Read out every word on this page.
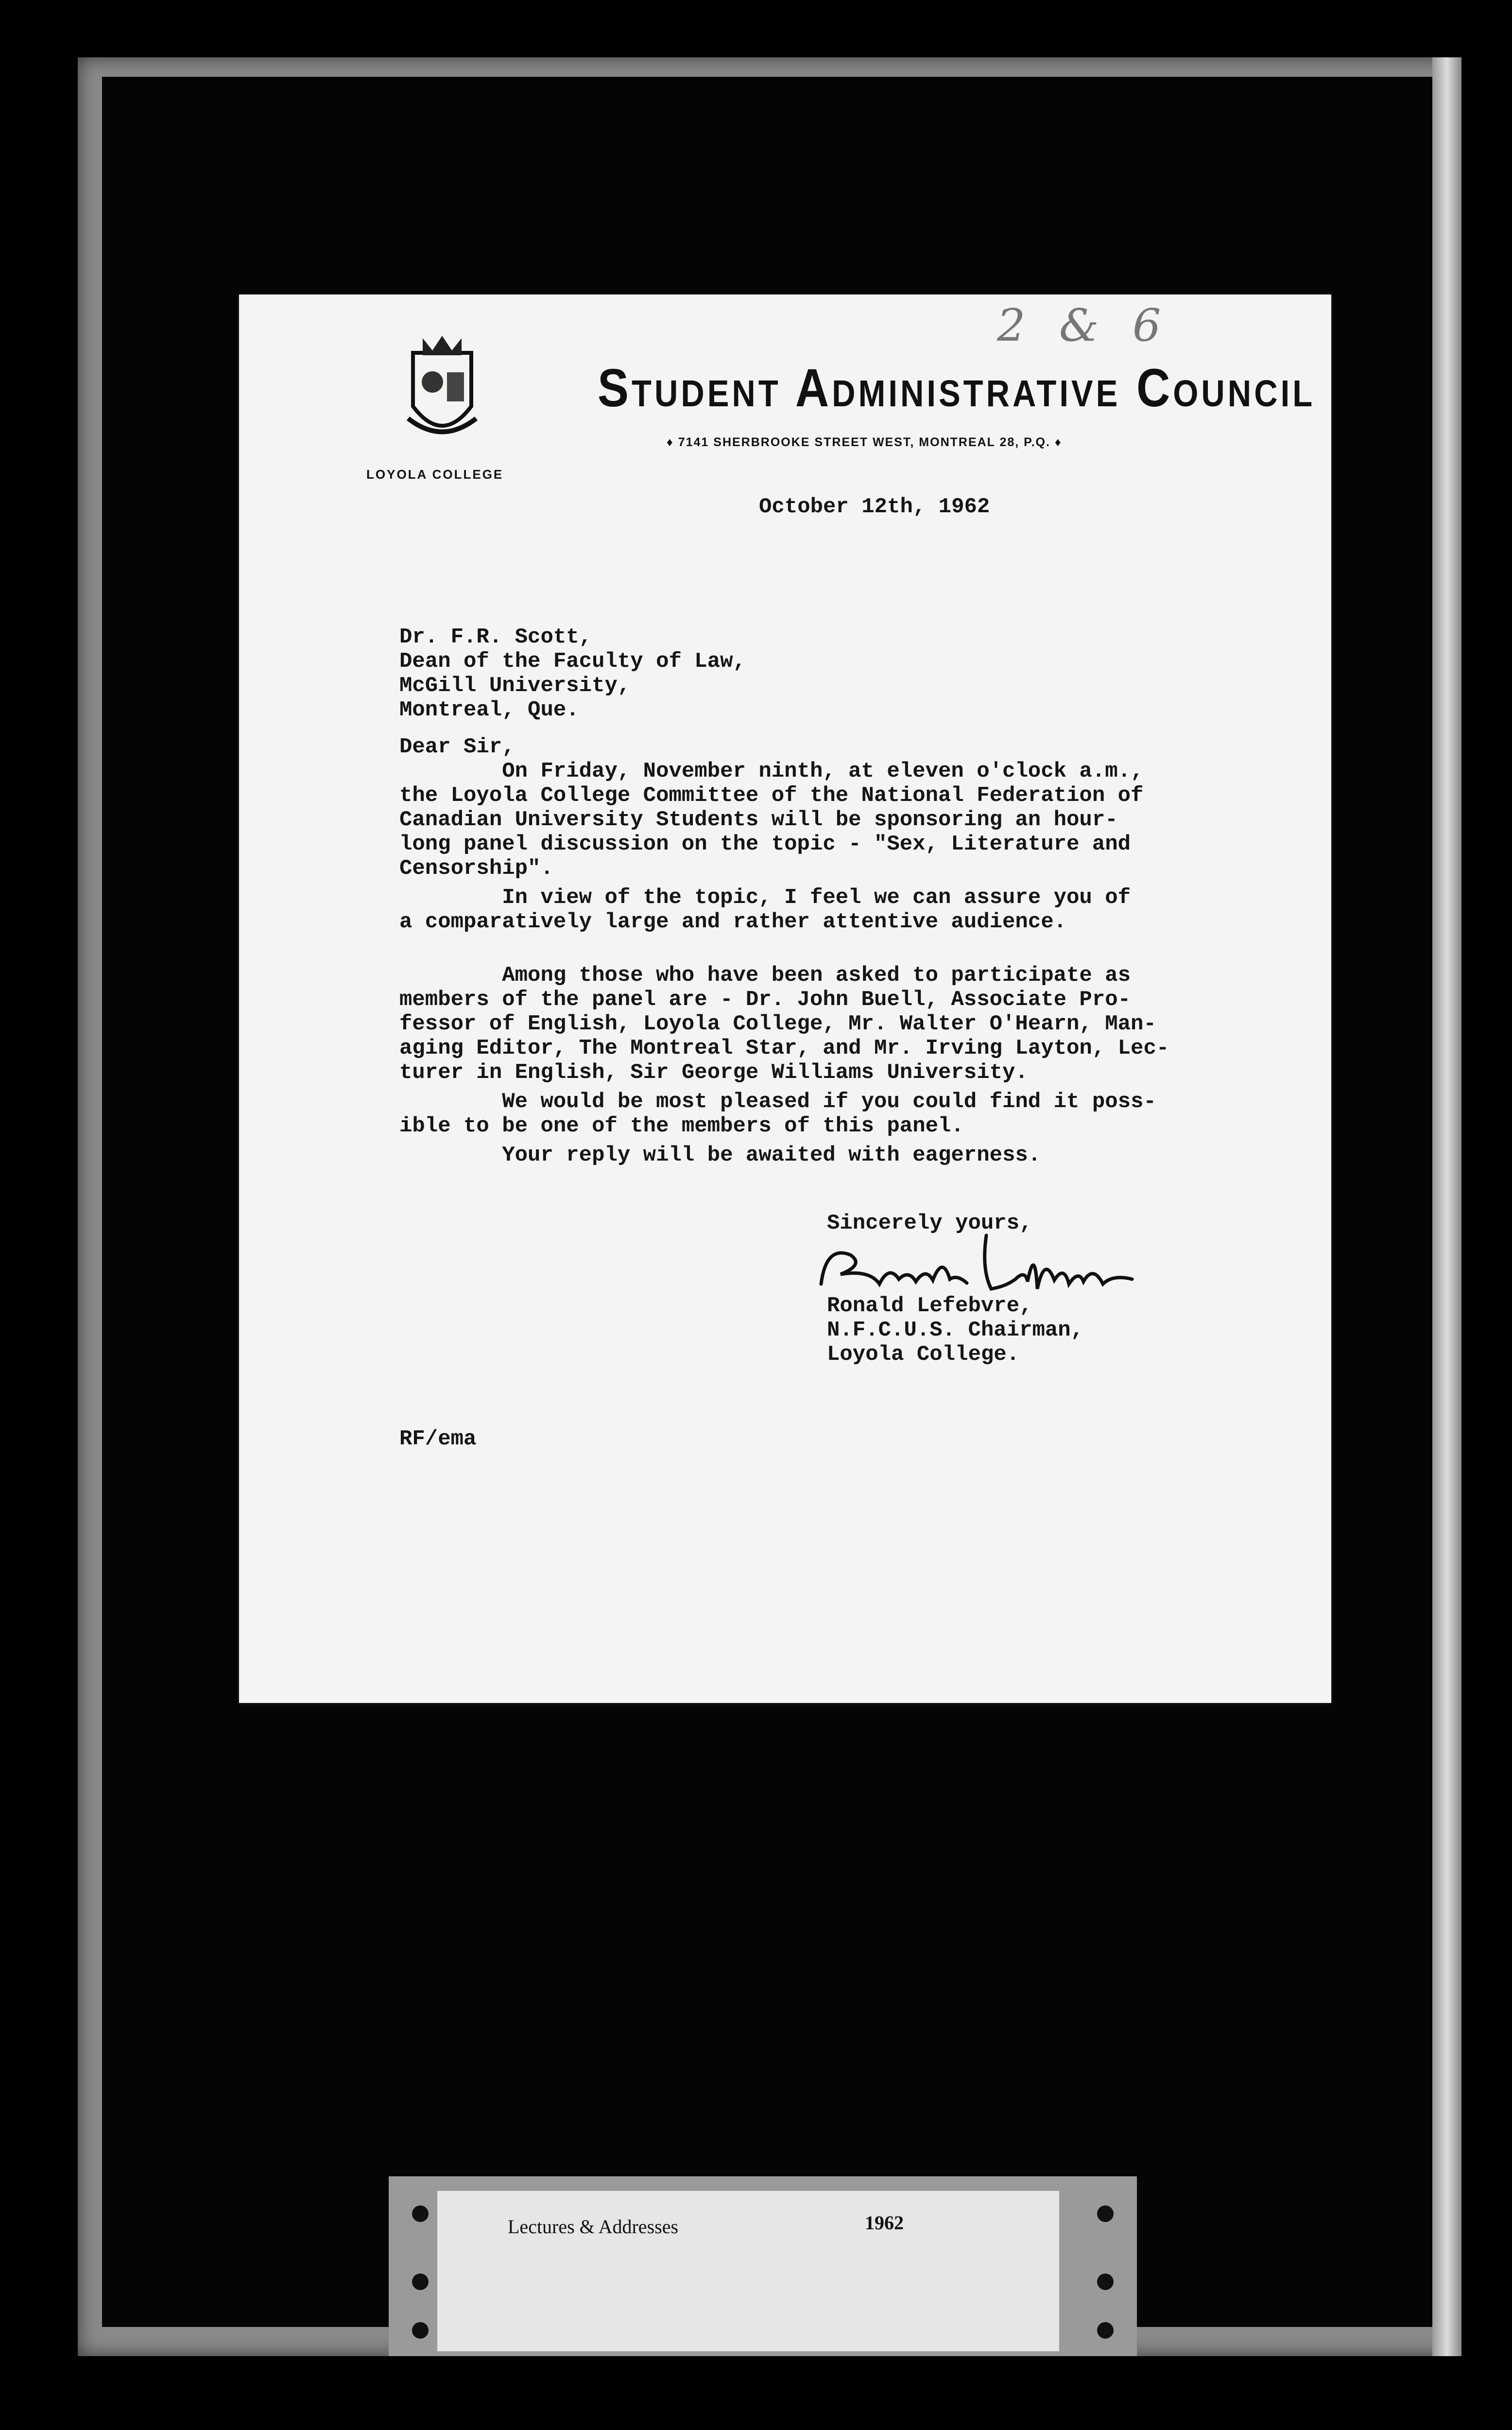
LOYOLA COLLEGE
Student Administrative Council
♦ 7141 SHERBROOKE STREET WEST, MONTREAL 28, P.Q. ♦
2 & 6
October 12th, 1962
Dr. F.R. Scott,
Dean of the Faculty of Law,
McGill University,
Montreal, Que.
Dear Sir,
On Friday, November ninth, at eleven o'clock a.m.,
the Loyola College Committee of the National Federation of
Canadian University Students will be sponsoring an hour-
long panel discussion on the topic - "Sex, Literature and
Censorship".
In view of the topic, I feel we can assure you of
a comparatively large and rather attentive audience.
Among those who have been asked to participate as
members of the panel are - Dr. John Buell, Associate Pro-
fessor of English, Loyola College, Mr. Walter O'Hearn, Man-
aging Editor, The Montreal Star, and Mr. Irving Layton, Lec-
turer in English, Sir George Williams University.
We would be most pleased if you could find it poss-
ible to be one of the members of this panel.
Your reply will be awaited with eagerness.
Sincerely yours,
Ronald Lefebvre,
N.F.C.U.S. Chairman,
Loyola College.
RF/ema
Lectures & Addresses	1962
